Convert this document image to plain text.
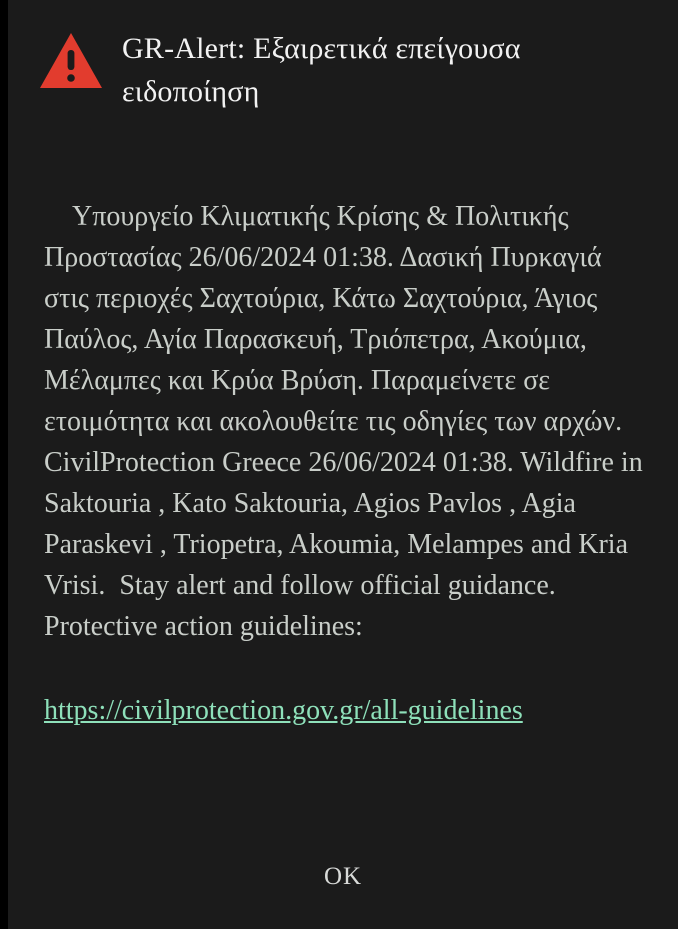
GR-Alert: Εξαιρετικά επείγουσα ειδοποίηση

Υπουργείο Κλιματικής Κρίσης & Πολιτικής Προστασίας 26/06/2024 01:38. Δασική Πυρκαγιά στις περιοχές Σαχτούρια, Κάτω Σαχτούρια, Άγιος Παύλος, Αγία Παρασκευή, Τριόπετρα, Ακούμια, Μέλαμπες και Κρύα Βρύση. Παραμείνετε σε ετοιμότητα και ακολουθείτε τις οδηγίες των αρχών. CivilProtection Greece 26/06/2024 01:38. Wildfire in Saktouria , Kato Saktouria, Agios Pavlos , Agia Paraskevi , Triopetra, Akoumia, Melampes and Kria Vrisi.  Stay alert and follow official guidance. Protective action guidelines:

https://civilprotection.gov.gr/all-guidelines

OK
